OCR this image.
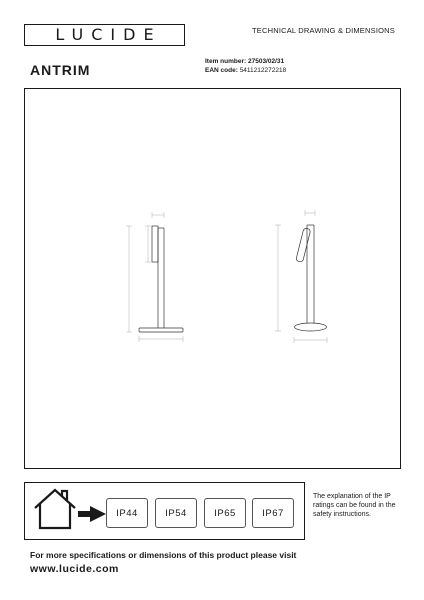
LUCIDE	TECHNICAL DRAWING & DIMENSIONS
ANTRIM
Item number: 27503/02/31
EAN code: 5411212272218
IP44	IP54	IP65	IP67
The explanation of the IP ratings can be found in the safety instructions.
For more specifications or dimensions of this product please visit
www.lucide.com
